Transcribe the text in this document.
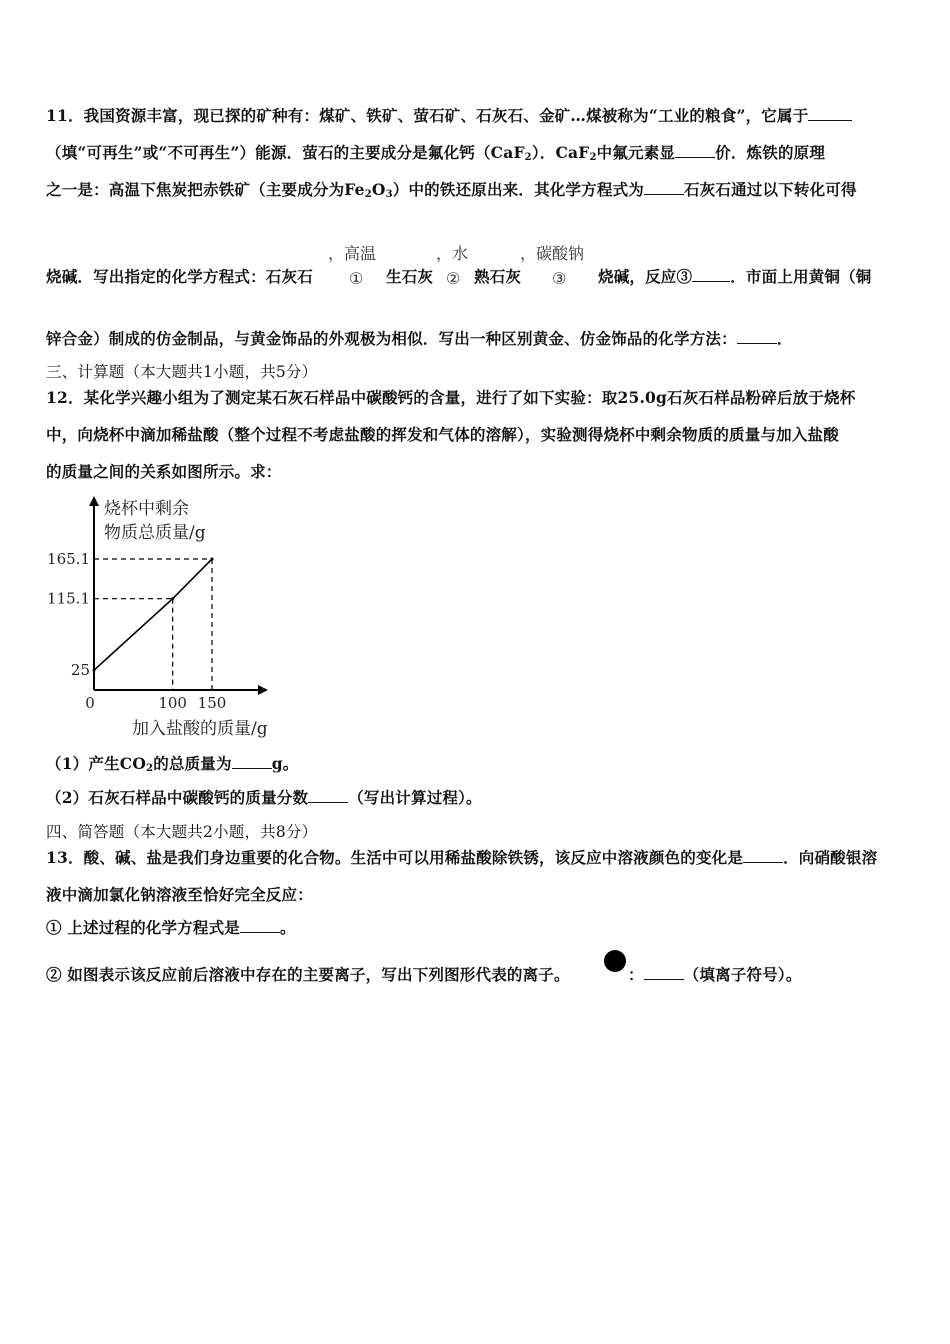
11．我国资源丰富，现已探的矿种有：煤矿、铁矿、萤石矿、石灰石、金矿…煤被称为“工业的粮食”，它属于
（填“可再生”或“不可再生”）能源．萤石的主要成分是氟化钙（CaF$_2$）．CaF$_2$中氟元素显	价．炼铁的原理
之一是：高温下焦炭把赤铁矿（主要成分为$Fe_2O_3$）中的铁还原出来．其化学方程式为	石灰石通过以下转化可得
，高温	，水	，碳酸钠
烧碱．写出指定的化学方程式：石灰石 ① 生石灰 ② 熟石灰 ③ 烧碱，反应③ ．市面上用黄铜（铜
锌合金）制成的仿金制品，与黄金饰品的外观极为相似．写出一种区别黄金、仿金饰品的化学方法：	．
三、计算题（本大题共1小题，共5分）
12．某化学兴趣小组为了测定某石灰石样品中碳酸钙的含量，进行了如下实验：取25.0g石灰石样品粉碎后放于烧杯
中，向烧杯中滴加稀盐酸（整个过程不考虑盐酸的挥发和气体的溶解），实验测得烧杯中剩余物质的质量与加入盐酸
的质量之间的关系如图所示。求：
烧杯中剩余
物质总质量/g
25
115.1
165.1
0	100 150
加入盐酸的质量/g
（1）产生$CO_2$的总质量为	g。
（2）石灰石样品中碳酸钙的质量分数	（写出计算过程）。
四、简答题（本大题共2小题，共8分）
13．酸、碱、盐是我们身边重要的化合物。生活中可以用稀盐酸除铁锈，该反应中溶液颜色的变化是	．向硝酸银溶
液中滴加氯化钠溶液至恰好完全反应：
① 上述过程的化学方程式是	。
② 如图表示该反应前后溶液中存在的主要离子，写出下列图形代表的离子。	：	（填离子符号）。
